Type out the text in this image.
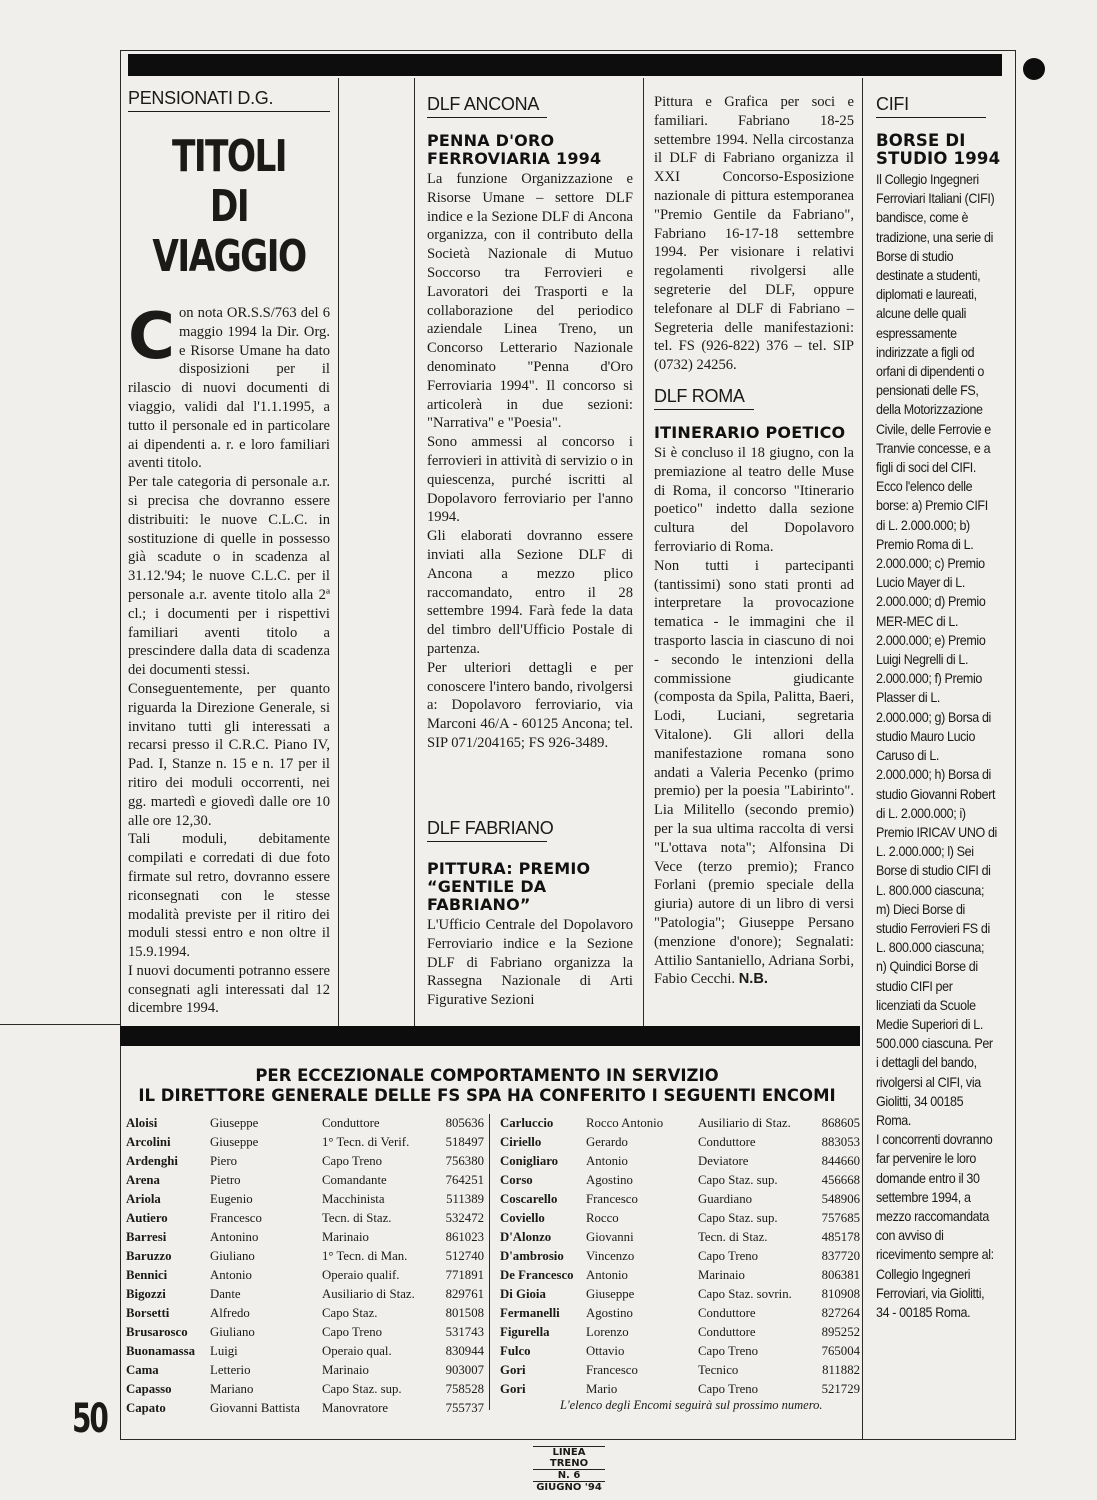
PENSIONATI D.G.
TITOLI
DI VIAGGIO
Con nota OR.S.S/763 del 6 maggio 1994 la Dir. Org. e Risorse Umane ha dato disposizioni per il rilascio di nuovi documenti di viaggio, validi dal l'1.1.1995, a tutto il personale ed in particolare ai dipendenti a. r. e loro familiari aventi titolo.
Per tale categoria di personale a.r. si precisa che dovranno essere distribuiti: le nuove C.L.C. in sostituzione di quelle in possesso già scadute o in scadenza al 31.12.'94; le nuove C.L.C. per il personale a.r. avente titolo alla 2ª cl.; i documenti per i rispettivi familiari aventi titolo a prescindere dalla data di scadenza dei documenti stessi.
Conseguentemente, per quanto riguarda la Direzione Generale, si invitano tutti gli interessati a recarsi presso il C.R.C. Piano IV, Pad. I, Stanze n. 15 e n. 17 per il ritiro dei moduli occorrenti, nei gg. martedì e giovedì dalle ore 10 alle ore 12,30.
Tali moduli, debitamente compilati e corredati di due foto firmate sul retro, dovranno essere riconsegnati con le stesse modalità previste per il ritiro dei moduli stessi entro e non oltre il 15.9.1994.
I nuovi documenti potranno essere consegnati agli interessati dal 12 dicembre 1994.
DLF ANCONA
PENNA D'ORO FERROVIARIA 1994
La funzione Organizzazione e Risorse Umane – settore DLF indice e la Sezione DLF di Ancona organizza, con il contributo della Società Nazionale di Mutuo Soccorso tra Ferrovieri e Lavoratori dei Trasporti e la collaborazione del periodico aziendale Linea Treno, un Concorso Letterario Nazionale denominato "Penna d'Oro Ferroviaria 1994". Il concorso si articolerà in due sezioni: "Narrativa" e "Poesia".
Sono ammessi al concorso i ferrovieri in attività di servizio o in quiescenza, purché iscritti al Dopolavoro ferroviario per l'anno 1994.
Gli elaborati dovranno essere inviati alla Sezione DLF di Ancona a mezzo plico raccomandato, entro il 28 settembre 1994. Farà fede la data del timbro dell'Ufficio Postale di partenza.
Per ulteriori dettagli e per conoscere l'intero bando, rivolgersi a: Dopolavoro ferroviario, via Marconi 46/A - 60125 Ancona; tel. SIP 071/204165; FS 926-3489.
DLF FABRIANO
PITTURA: PREMIO “GENTILE DA FABRIANO”
L'Ufficio Centrale del Dopolavoro Ferroviario indice e la Sezione DLF di Fabriano organizza la Rassegna Nazionale di Arti Figurative Sezioni
Pittura e Grafica per soci e familiari. Fabriano 18-25 settembre 1994. Nella circostanza il DLF di Fabriano organizza il XXI Concorso-Esposizione nazionale di pittura estemporanea "Premio Gentile da Fabriano", Fabriano 16-17-18 settembre 1994. Per visionare i relativi regolamenti rivolgersi alle segreterie del DLF, oppure telefonare al DLF di Fabriano – Segreteria delle manifestazioni: tel. FS (926-822) 376 – tel. SIP (0732) 24256.
DLF ROMA
ITINERARIO POETICO
Si è concluso il 18 giugno, con la premiazione al teatro delle Muse di Roma, il concorso "Itinerario poetico" indetto dalla sezione cultura del Dopolavoro ferroviario di Roma.
Non tutti i partecipanti (tantissimi) sono stati pronti ad interpretare la provocazione tematica - le immagini che il trasporto lascia in ciascuno di noi - secondo le intenzioni della commissione giudicante (composta da Spila, Palitta, Baeri, Lodi, Luciani, segretaria Vitalone). Gli allori della manifestazione romana sono andati a Valeria Pecenko (primo premio) per la poesia "Labirinto". Lia Militello (secondo premio) per la sua ultima raccolta di versi "L'ottava nota"; Alfonsina Di Vece (terzo premio); Franco Forlani (premio speciale della giuria) autore di un libro di versi "Patologia"; Giuseppe Persano (menzione d'onore); Segnalati: Attilio Santaniello, Adriana Sorbi, Fabio Cecchi. N.B.
CIFI
BORSE DI STUDIO 1994
Il Collegio Ingegneri Ferroviari Italiani (CIFI) bandisce, come è tradizione, una serie di Borse di studio destinate a studenti, diplomati e laureati, alcune delle quali espressamente indirizzate a figli od orfani di dipendenti o pensionati delle FS, della Motorizzazione Civile, delle Ferrovie e Tranvie concesse, e a figli di soci del CIFI. Ecco l'elenco delle borse: a) Premio CIFI di L. 2.000.000; b) Premio Roma di L. 2.000.000; c) Premio Lucio Mayer di L. 2.000.000; d) Premio MER-MEC di L. 2.000.000; e) Premio Luigi Negrelli di L. 2.000.000; f) Premio Plasser di L. 2.000.000; g) Borsa di studio Mauro Lucio Caruso di L. 2.000.000; h) Borsa di studio Giovanni Robert di L. 2.000.000; i) Premio IRICAV UNO di L. 2.000.000; l) Sei Borse di studio CIFI di L. 800.000 ciascuna; m) Dieci Borse di studio Ferrovieri FS di L. 800.000 ciascuna; n) Quindici Borse di studio CIFI per licenziati da Scuole Medie Superiori di L. 500.000 ciascuna. Per i dettagli del bando, rivolgersi al CIFI, via Giolitti, 34 00185 Roma.
I concorrenti dovranno far pervenire le loro domande entro il 30 settembre 1994, a mezzo raccomandata con avviso di ricevimento sempre al: Collegio Ingegneri Ferroviari, via Giolitti, 34 - 00185 Roma.
PER ECCEZIONALE COMPORTAMENTO IN SERVIZIO
IL DIRETTORE GENERALE DELLE FS SPA HA CONFERITO I SEGUENTI ENCOMI
Aloisi	Giuseppe	Conduttore	805636
Arcolini	Giuseppe	1° Tecn. di Verif.	518497
Ardenghi	Piero	Capo Treno	756380
Arena	Pietro	Comandante	764251
Ariola	Eugenio	Macchinista	511389
Autiero	Francesco	Tecn. di Staz.	532472
Barresi	Antonino	Marinaio	861023
Baruzzo	Giuliano	1° Tecn. di Man.	512740
Bennici	Antonio	Operaio qualif.	771891
Bigozzi	Dante	Ausiliario di Staz.	829761
Borsetti	Alfredo	Capo Staz.	801508
Brusarosco	Giuliano	Capo Treno	531743
Buonamassa	Luigi	Operaio qual.	830944
Cama	Letterio	Marinaio	903007
Capasso	Mariano	Capo Staz. sup.	758528
Capato	Giovanni Battista	Manovratore	755737
Carluccio	Rocco Antonio	Ausiliario di Staz.	868605
Ciriello	Gerardo	Conduttore	883053
Conigliaro	Antonio	Deviatore	844660
Corso	Agostino	Capo Staz. sup.	456668
Coscarello	Francesco	Guardiano	548906
Coviello	Rocco	Capo Staz. sup.	757685
D'Alonzo	Giovanni	Tecn. di Staz.	485178
D'ambrosio	Vincenzo	Capo Treno	837720
De Francesco	Antonio	Marinaio	806381
Di Gioia	Giuseppe	Capo Staz. sovrin.	810908
Fermanelli	Agostino	Conduttore	827264
Figurella	Lorenzo	Conduttore	895252
Fulco	Ottavio	Capo Treno	765004
Gori	Francesco	Tecnico	811882
Gori	Mario	Capo Treno	521729
L'elenco degli Encomi seguirà sul prossimo numero.
50
LINEA TRENO
N. 6
GIUGNO '94
